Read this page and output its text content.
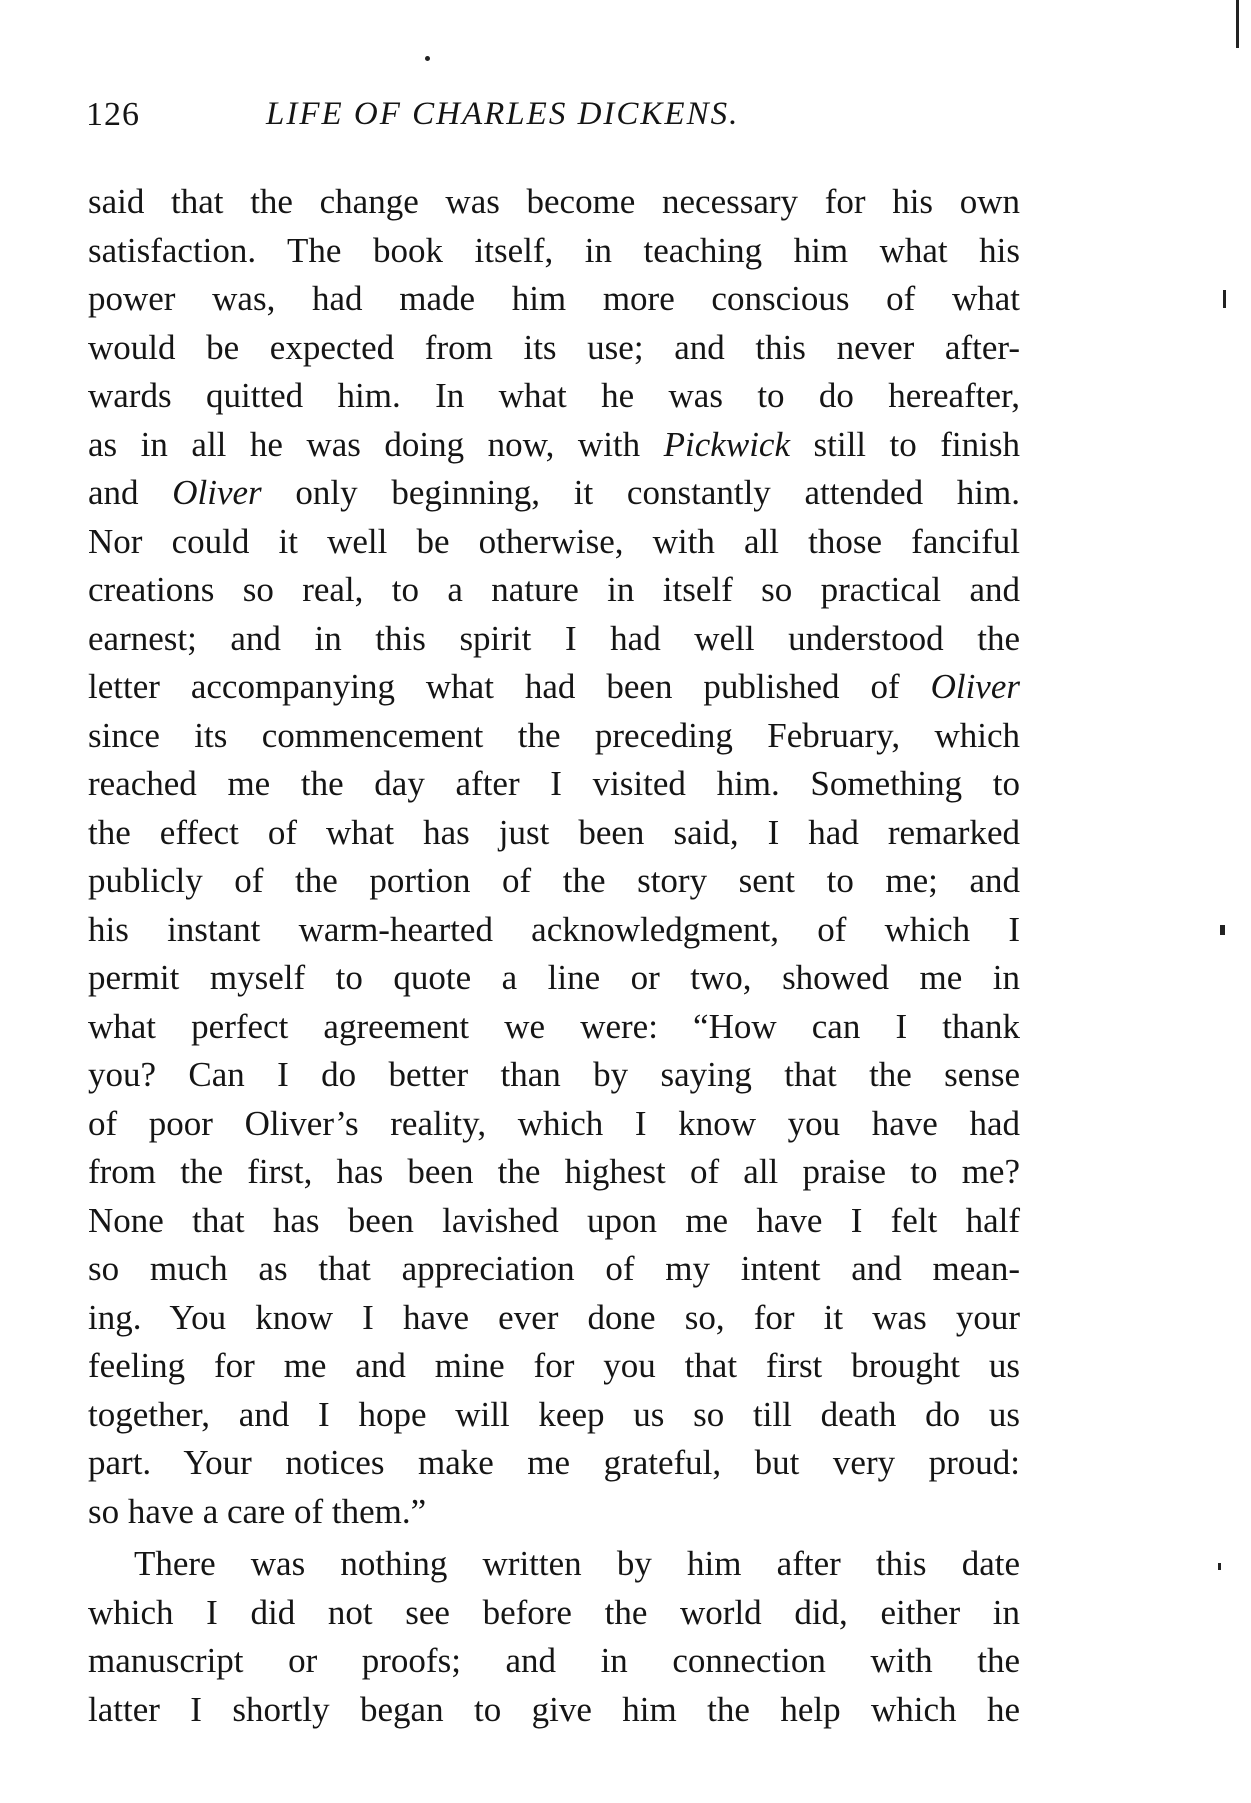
126	LIFE OF CHARLES DICKENS.
said that the change was become necessary for his own
satisfaction. The book itself, in teaching him what his
power was, had made him more conscious of what
would be expected from its use; and this never after-
wards quitted him. In what he was to do hereafter,
as in all he was doing now, with Pickwick still to finish
and Oliver only beginning, it constantly attended him.
Nor could it well be otherwise, with all those fanciful
creations so real, to a nature in itself so practical and
earnest; and in this spirit I had well understood the
letter accompanying what had been published of Oliver
since its commencement the preceding February, which
reached me the day after I visited him. Something to
the effect of what has just been said, I had remarked
publicly of the portion of the story sent to me; and
his instant warm-hearted acknowledgment, of which I
permit myself to quote a line or two, showed me in
what perfect agreement we were: “How can I thank
you? Can I do better than by saying that the sense
of poor Oliver’s reality, which I know you have had
from the first, has been the highest of all praise to me?
None that has been lavished upon me have I felt half
so much as that appreciation of my intent and mean-
ing. You know I have ever done so, for it was your
feeling for me and mine for you that first brought us
together, and I hope will keep us so till death do us
part. Your notices make me grateful, but very proud:
so have a care of them.”
There was nothing written by him after this date
which I did not see before the world did, either in
manuscript or proofs; and in connection with the
latter I shortly began to give him the help which he
